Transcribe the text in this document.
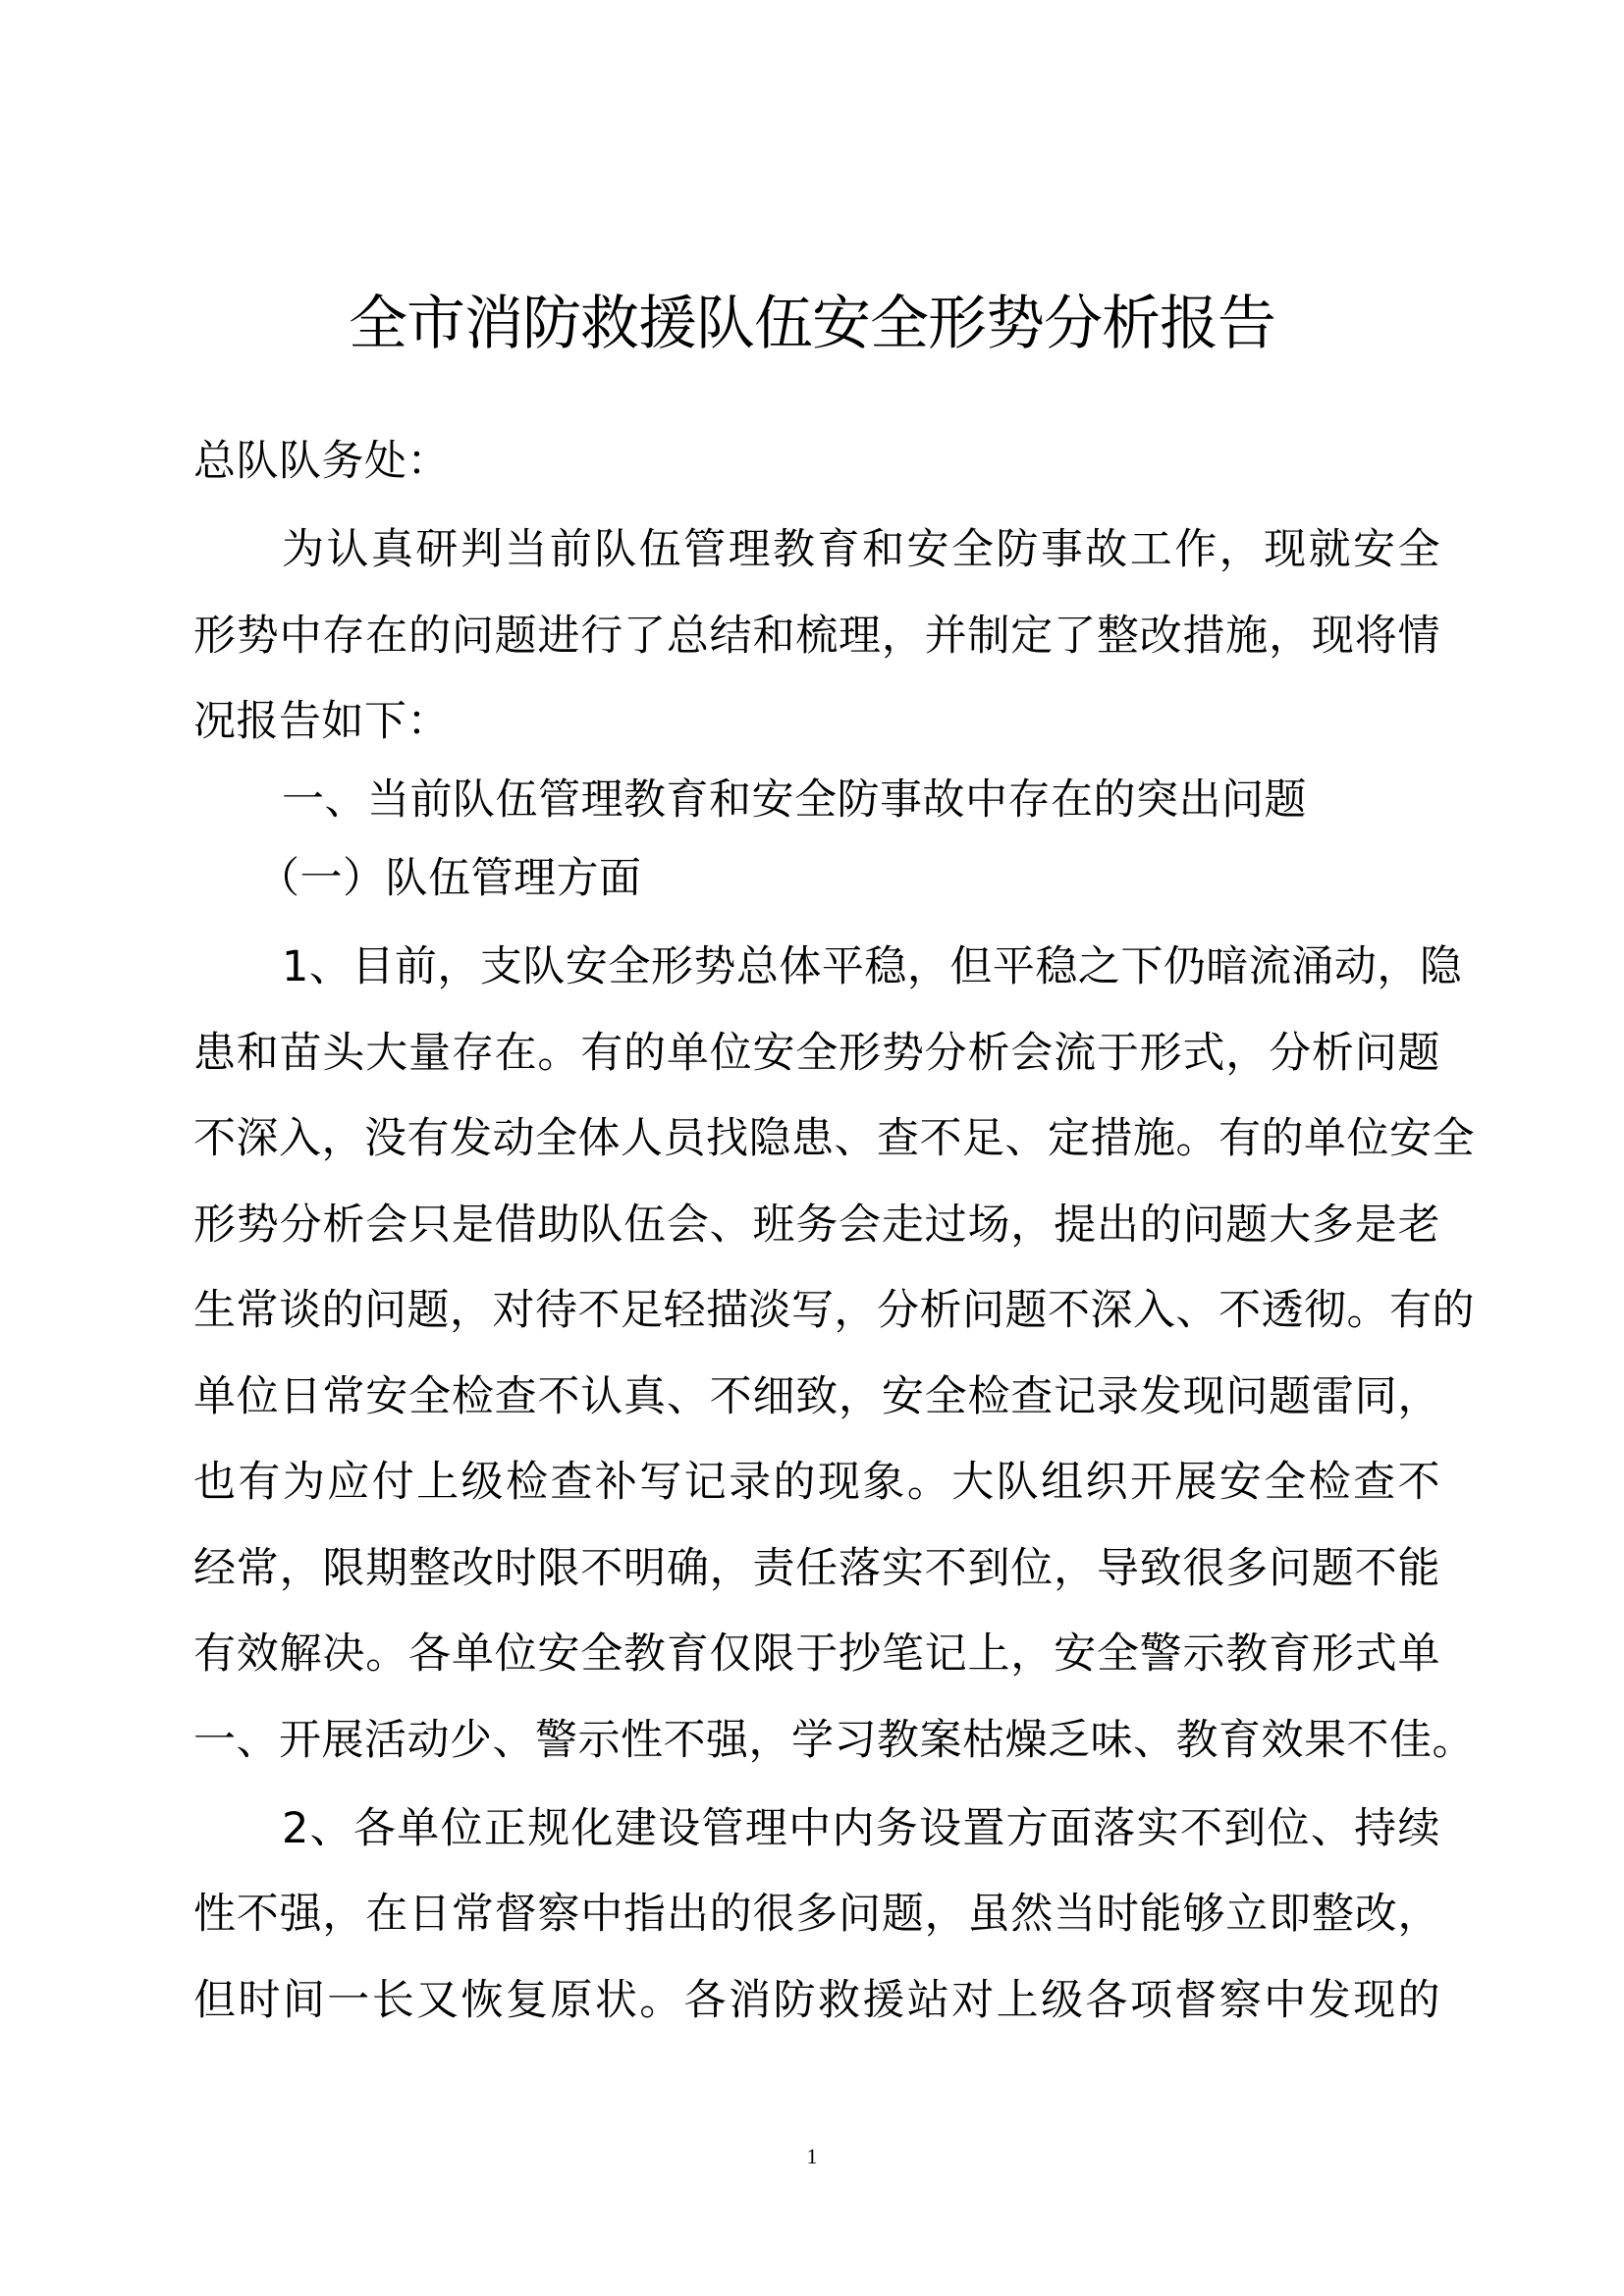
全市消防救援队伍安全形势分析报告
总队队务处：
为认真研判当前队伍管理教育和安全防事故工作，现就安全
形势中存在的问题进行了总结和梳理，并制定了整改措施，现将情
况报告如下：
一、当前队伍管理教育和安全防事故中存在的突出问题
（一）队伍管理方面
1、目前，支队安全形势总体平稳，但平稳之下仍暗流涌动，隐
患和苗头大量存在。有的单位安全形势分析会流于形式，分析问题
不深入，没有发动全体人员找隐患、查不足、定措施。有的单位安全
形势分析会只是借助队伍会、班务会走过场，提出的问题大多是老
生常谈的问题，对待不足轻描淡写，分析问题不深入、不透彻。有的
单位日常安全检查不认真、不细致，安全检查记录发现问题雷同，
也有为应付上级检查补写记录的现象。大队组织开展安全检查不
经常，限期整改时限不明确，责任落实不到位，导致很多问题不能
有效解决。各单位安全教育仅限于抄笔记上，安全警示教育形式单
一、开展活动少、警示性不强，学习教案枯燥乏味、教育效果不佳。
2、各单位正规化建设管理中内务设置方面落实不到位、持续
性不强，在日常督察中指出的很多问题，虽然当时能够立即整改，
但时间一长又恢复原状。各消防救援站对上级各项督察中发现的
1
